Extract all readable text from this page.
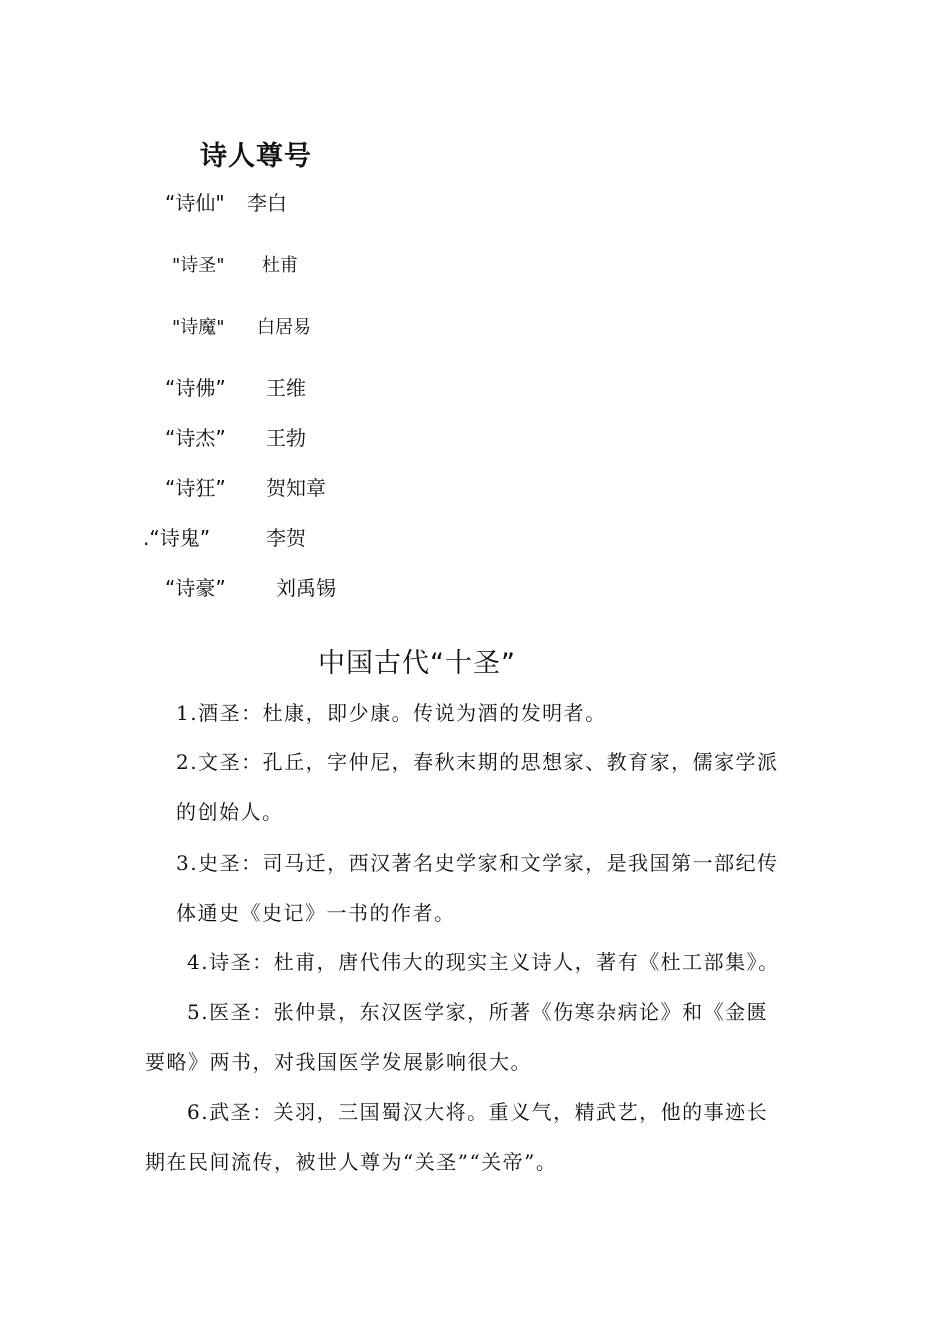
诗人尊号
“诗仙" 李白
"诗圣" 杜甫
"诗魔" 白居易
“诗佛” 王维
“诗杰” 王勃
“诗狂” 贺知章
.“诗鬼”	李贺
“诗豪”	刘禹锡
中国古代“十圣”
1.酒圣：杜康，即少康。传说为酒的发明者。
2.文圣：孔丘，字仲尼，春秋末期的思想家、教育家，儒家学派
的创始人。
3.史圣：司马迁，西汉著名史学家和文学家，是我国第一部纪传
体通史《史记》一书的作者。
4.诗圣：杜甫，唐代伟大的现实主义诗人，著有《杜工部集》。
5.医圣：张仲景，东汉医学家，所著《伤寒杂病论》和《金匮
要略》两书，对我国医学发展影响很大。
6.武圣：关羽，三国蜀汉大将。重义气，精武艺，他的事迹长
期在民间流传，被世人尊为“关圣”“关帝”。
